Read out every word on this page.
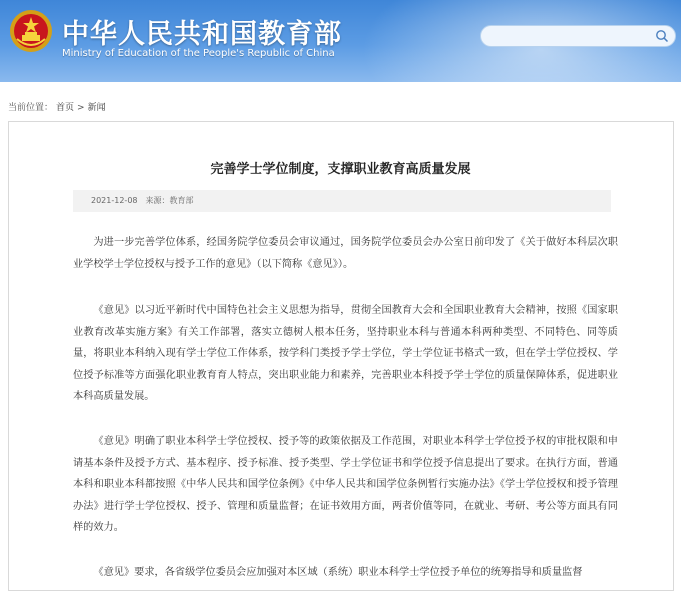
中华人民共和国教育部
Ministry of Education of the People's Republic of China
当前位置： 首页 > 新闻
完善学士学位制度，支撑职业教育高质量发展
2021-12-08 来源：教育部

为进一步完善学位体系，经国务院学位委员会审议通过，国务院学位委员会办公室日前印发了《关于做好本科层次职业学校学士学位授权与授予工作的意见》（以下简称《意见》）。

《意见》以习近平新时代中国特色社会主义思想为指导，贯彻全国教育大会和全国职业教育大会精神，按照《国家职业教育改革实施方案》有关工作部署，落实立德树人根本任务，坚持职业本科与普通本科两种类型、不同特色、同等质量，将职业本科纳入现有学士学位工作体系，按学科门类授予学士学位，学士学位证书格式一致，但在学士学位授权、学位授予标准等方面强化职业教育育人特点，突出职业能力和素养，完善职业本科授予学士学位的质量保障体系，促进职业本科高质量发展。

《意见》明确了职业本科学士学位授权、授予等的政策依据及工作范围，对职业本科学士学位授予权的审批权限和申请基本条件及授予方式、基本程序、授予标准、授予类型、学士学位证书和学位授予信息提出了要求。在执行方面，普通本科和职业本科都按照《中华人民共和国学位条例》《中华人民共和国学位条例暂行实施办法》《学士学位授权和授予管理办法》进行学士学位授权、授予、管理和质量监督；在证书效用方面，两者价值等同，在就业、考研、考公等方面具有同样的效力。

《意见》要求，各省级学位委员会应加强对本区域（系统）职业本科学士学位授予单位的统筹指导和质量监督
